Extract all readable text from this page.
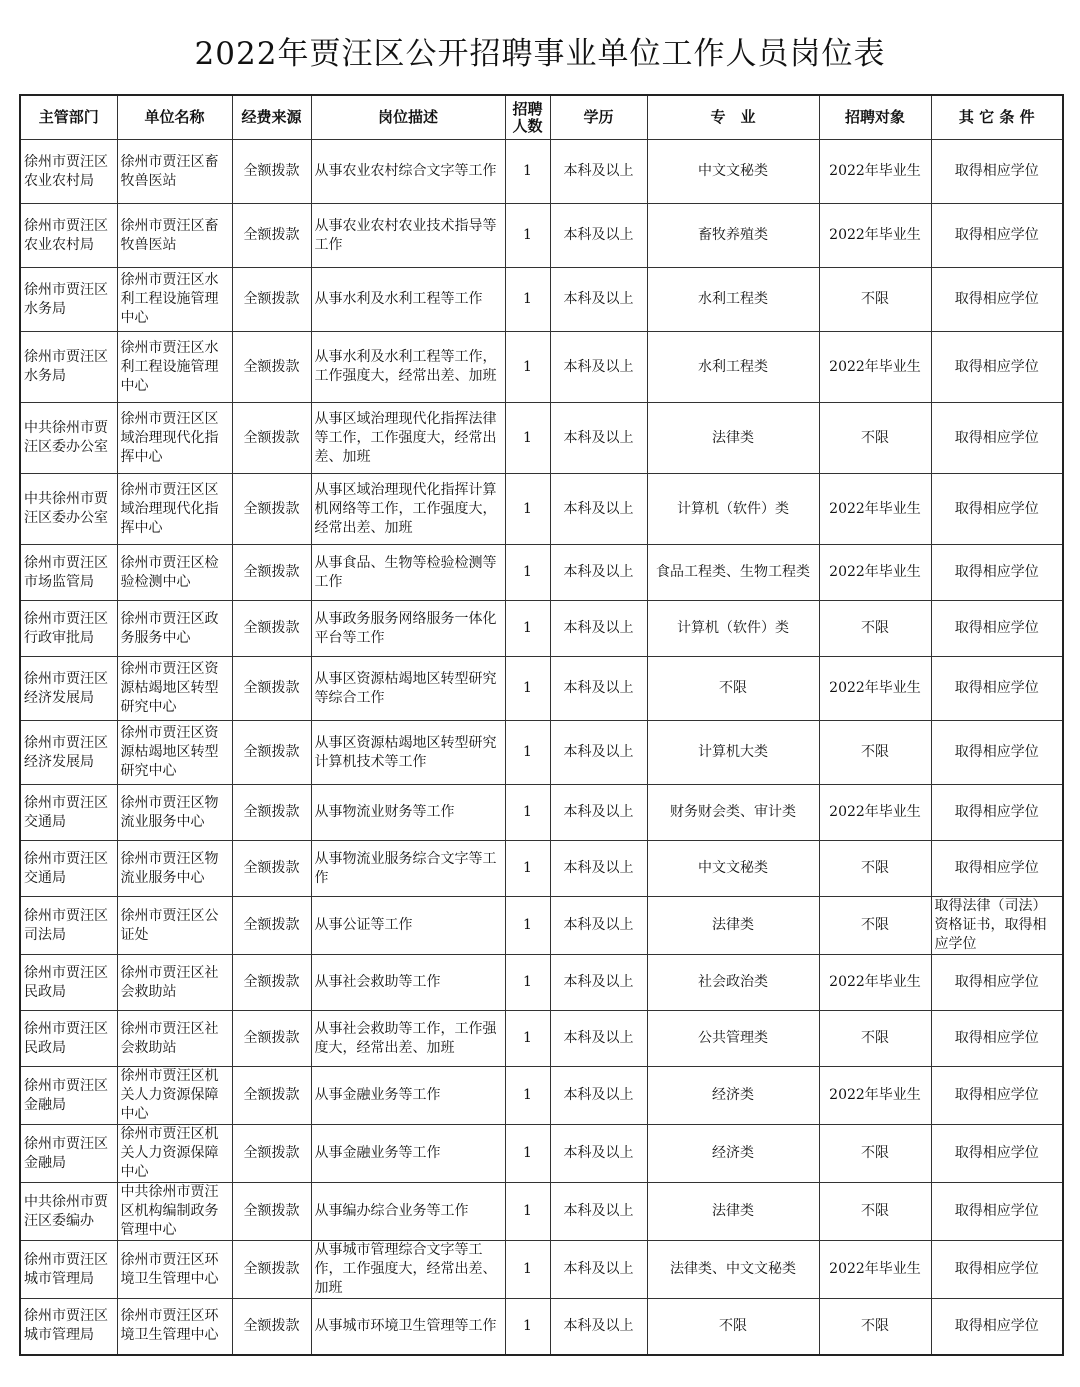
2022年贾汪区公开招聘事业单位工作人员岗位表
主管部门	单位名称	经费来源	岗位描述	招聘人数	学历	专　业	招聘对象	其 它 条 件
徐州市贾汪区农业农村局	徐州市贾汪区畜牧兽医站	全额拨款	从事农业农村综合文字等工作	1	本科及以上	中文文秘类	2022年毕业生	取得相应学位
徐州市贾汪区农业农村局	徐州市贾汪区畜牧兽医站	全额拨款	从事农业农村农业技术指导等工作	1	本科及以上	畜牧养殖类	2022年毕业生	取得相应学位
徐州市贾汪区水务局	徐州市贾汪区水利工程设施管理中心	全额拨款	从事水利及水利工程等工作	1	本科及以上	水利工程类	不限	取得相应学位
徐州市贾汪区水务局	徐州市贾汪区水利工程设施管理中心	全额拨款	从事水利及水利工程等工作，工作强度大，经常出差、加班	1	本科及以上	水利工程类	2022年毕业生	取得相应学位
中共徐州市贾汪区委办公室	徐州市贾汪区区域治理现代化指挥中心	全额拨款	从事区域治理现代化指挥法律等工作，工作强度大，经常出差、加班	1	本科及以上	法律类	不限	取得相应学位
中共徐州市贾汪区委办公室	徐州市贾汪区区域治理现代化指挥中心	全额拨款	从事区域治理现代化指挥计算机网络等工作，工作强度大，经常出差、加班	1	本科及以上	计算机（软件）类	2022年毕业生	取得相应学位
徐州市贾汪区市场监管局	徐州市贾汪区检验检测中心	全额拨款	从事食品、生物等检验检测等工作	1	本科及以上	食品工程类、生物工程类	2022年毕业生	取得相应学位
徐州市贾汪区行政审批局	徐州市贾汪区政务服务中心	全额拨款	从事政务服务网络服务一体化平台等工作	1	本科及以上	计算机（软件）类	不限	取得相应学位
徐州市贾汪区经济发展局	徐州市贾汪区资源枯竭地区转型研究中心	全额拨款	从事区资源枯竭地区转型研究等综合工作	1	本科及以上	不限	2022年毕业生	取得相应学位
徐州市贾汪区经济发展局	徐州市贾汪区资源枯竭地区转型研究中心	全额拨款	从事区资源枯竭地区转型研究计算机技术等工作	1	本科及以上	计算机大类	不限	取得相应学位
徐州市贾汪区交通局	徐州市贾汪区物流业服务中心	全额拨款	从事物流业财务等工作	1	本科及以上	财务财会类、审计类	2022年毕业生	取得相应学位
徐州市贾汪区交通局	徐州市贾汪区物流业服务中心	全额拨款	从事物流业服务综合文字等工作	1	本科及以上	中文文秘类	不限	取得相应学位
徐州市贾汪区司法局	徐州市贾汪区公证处	全额拨款	从事公证等工作	1	本科及以上	法律类	不限	取得法律（司法）资格证书，取得相应学位
徐州市贾汪区民政局	徐州市贾汪区社会救助站	全额拨款	从事社会救助等工作	1	本科及以上	社会政治类	2022年毕业生	取得相应学位
徐州市贾汪区民政局	徐州市贾汪区社会救助站	全额拨款	从事社会救助等工作，工作强度大，经常出差、加班	1	本科及以上	公共管理类	不限	取得相应学位
徐州市贾汪区金融局	徐州市贾汪区机关人力资源保障中心	全额拨款	从事金融业务等工作	1	本科及以上	经济类	2022年毕业生	取得相应学位
徐州市贾汪区金融局	徐州市贾汪区机关人力资源保障中心	全额拨款	从事金融业务等工作	1	本科及以上	经济类	不限	取得相应学位
中共徐州市贾汪区委编办	中共徐州市贾汪区机构编制政务管理中心	全额拨款	从事编办综合业务等工作	1	本科及以上	法律类	不限	取得相应学位
徐州市贾汪区城市管理局	徐州市贾汪区环境卫生管理中心	全额拨款	从事城市管理综合文字等工作，工作强度大，经常出差、加班	1	本科及以上	法律类、中文文秘类	2022年毕业生	取得相应学位
徐州市贾汪区城市管理局	徐州市贾汪区环境卫生管理中心	全额拨款	从事城市环境卫生管理等工作	1	本科及以上	不限	不限	取得相应学位
